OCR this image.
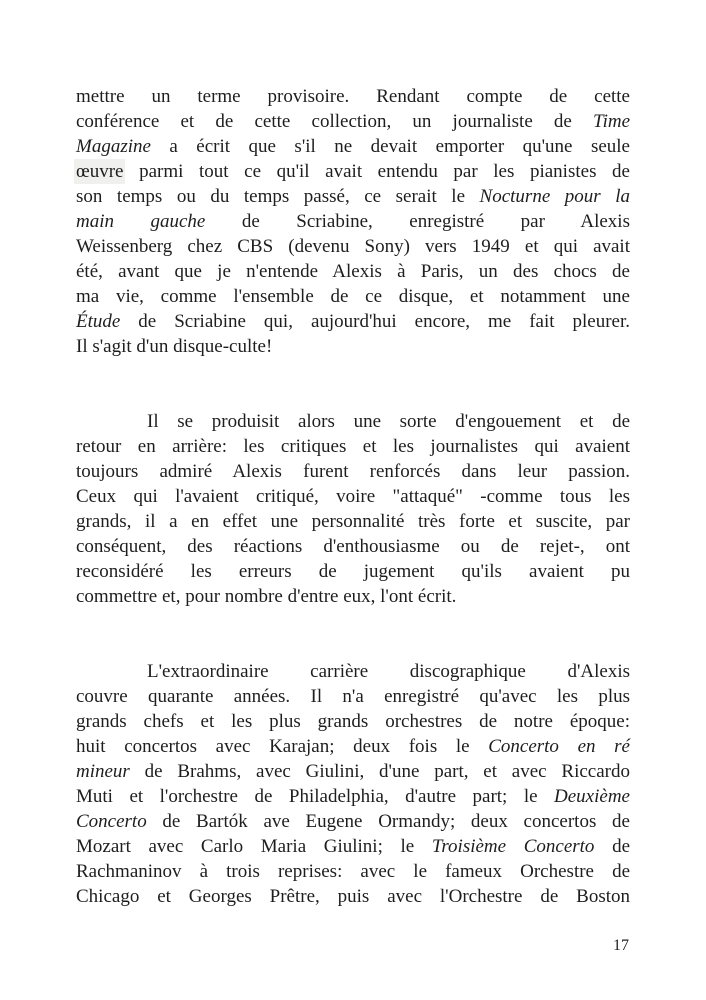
mettre un terme provisoire. Rendant compte de cette
conférence et de cette collection, un journaliste de Time
Magazine a écrit que s'il ne devait emporter qu'une seule
œuvre parmi tout ce qu'il avait entendu par les pianistes de
son temps ou du temps passé, ce serait le Nocturne pour la
main gauche de Scriabine, enregistré par Alexis
Weissenberg chez CBS (devenu Sony) vers 1949 et qui avait
été, avant que je n'entende Alexis à Paris, un des chocs de
ma vie, comme l'ensemble de ce disque, et notamment une
Étude de Scriabine qui, aujourd'hui encore, me fait pleurer.
Il s'agit d'un disque-culte!
Il se produisit alors une sorte d'engouement et de
retour en arrière: les critiques et les journalistes qui avaient
toujours admiré Alexis furent renforcés dans leur passion.
Ceux qui l'avaient critiqué, voire "attaqué" -comme tous les
grands, il a en effet une personnalité très forte et suscite, par
conséquent, des réactions d'enthousiasme ou de rejet-, ont
reconsidéré les erreurs de jugement qu'ils avaient pu
commettre et, pour nombre d'entre eux, l'ont écrit.
L'extraordinaire carrière discographique d'Alexis
couvre quarante années. Il n'a enregistré qu'avec les plus
grands chefs et les plus grands orchestres de notre époque:
huit concertos avec Karajan; deux fois le Concerto en ré
mineur de Brahms, avec Giulini, d'une part, et avec Riccardo
Muti et l'orchestre de Philadelphia, d'autre part; le Deuxième
Concerto de Bartók ave Eugene Ormandy; deux concertos de
Mozart avec Carlo Maria Giulini; le Troisième Concerto de
Rachmaninov à trois reprises: avec le fameux Orchestre de
Chicago et Georges Prêtre, puis avec l'Orchestre de Boston
17
